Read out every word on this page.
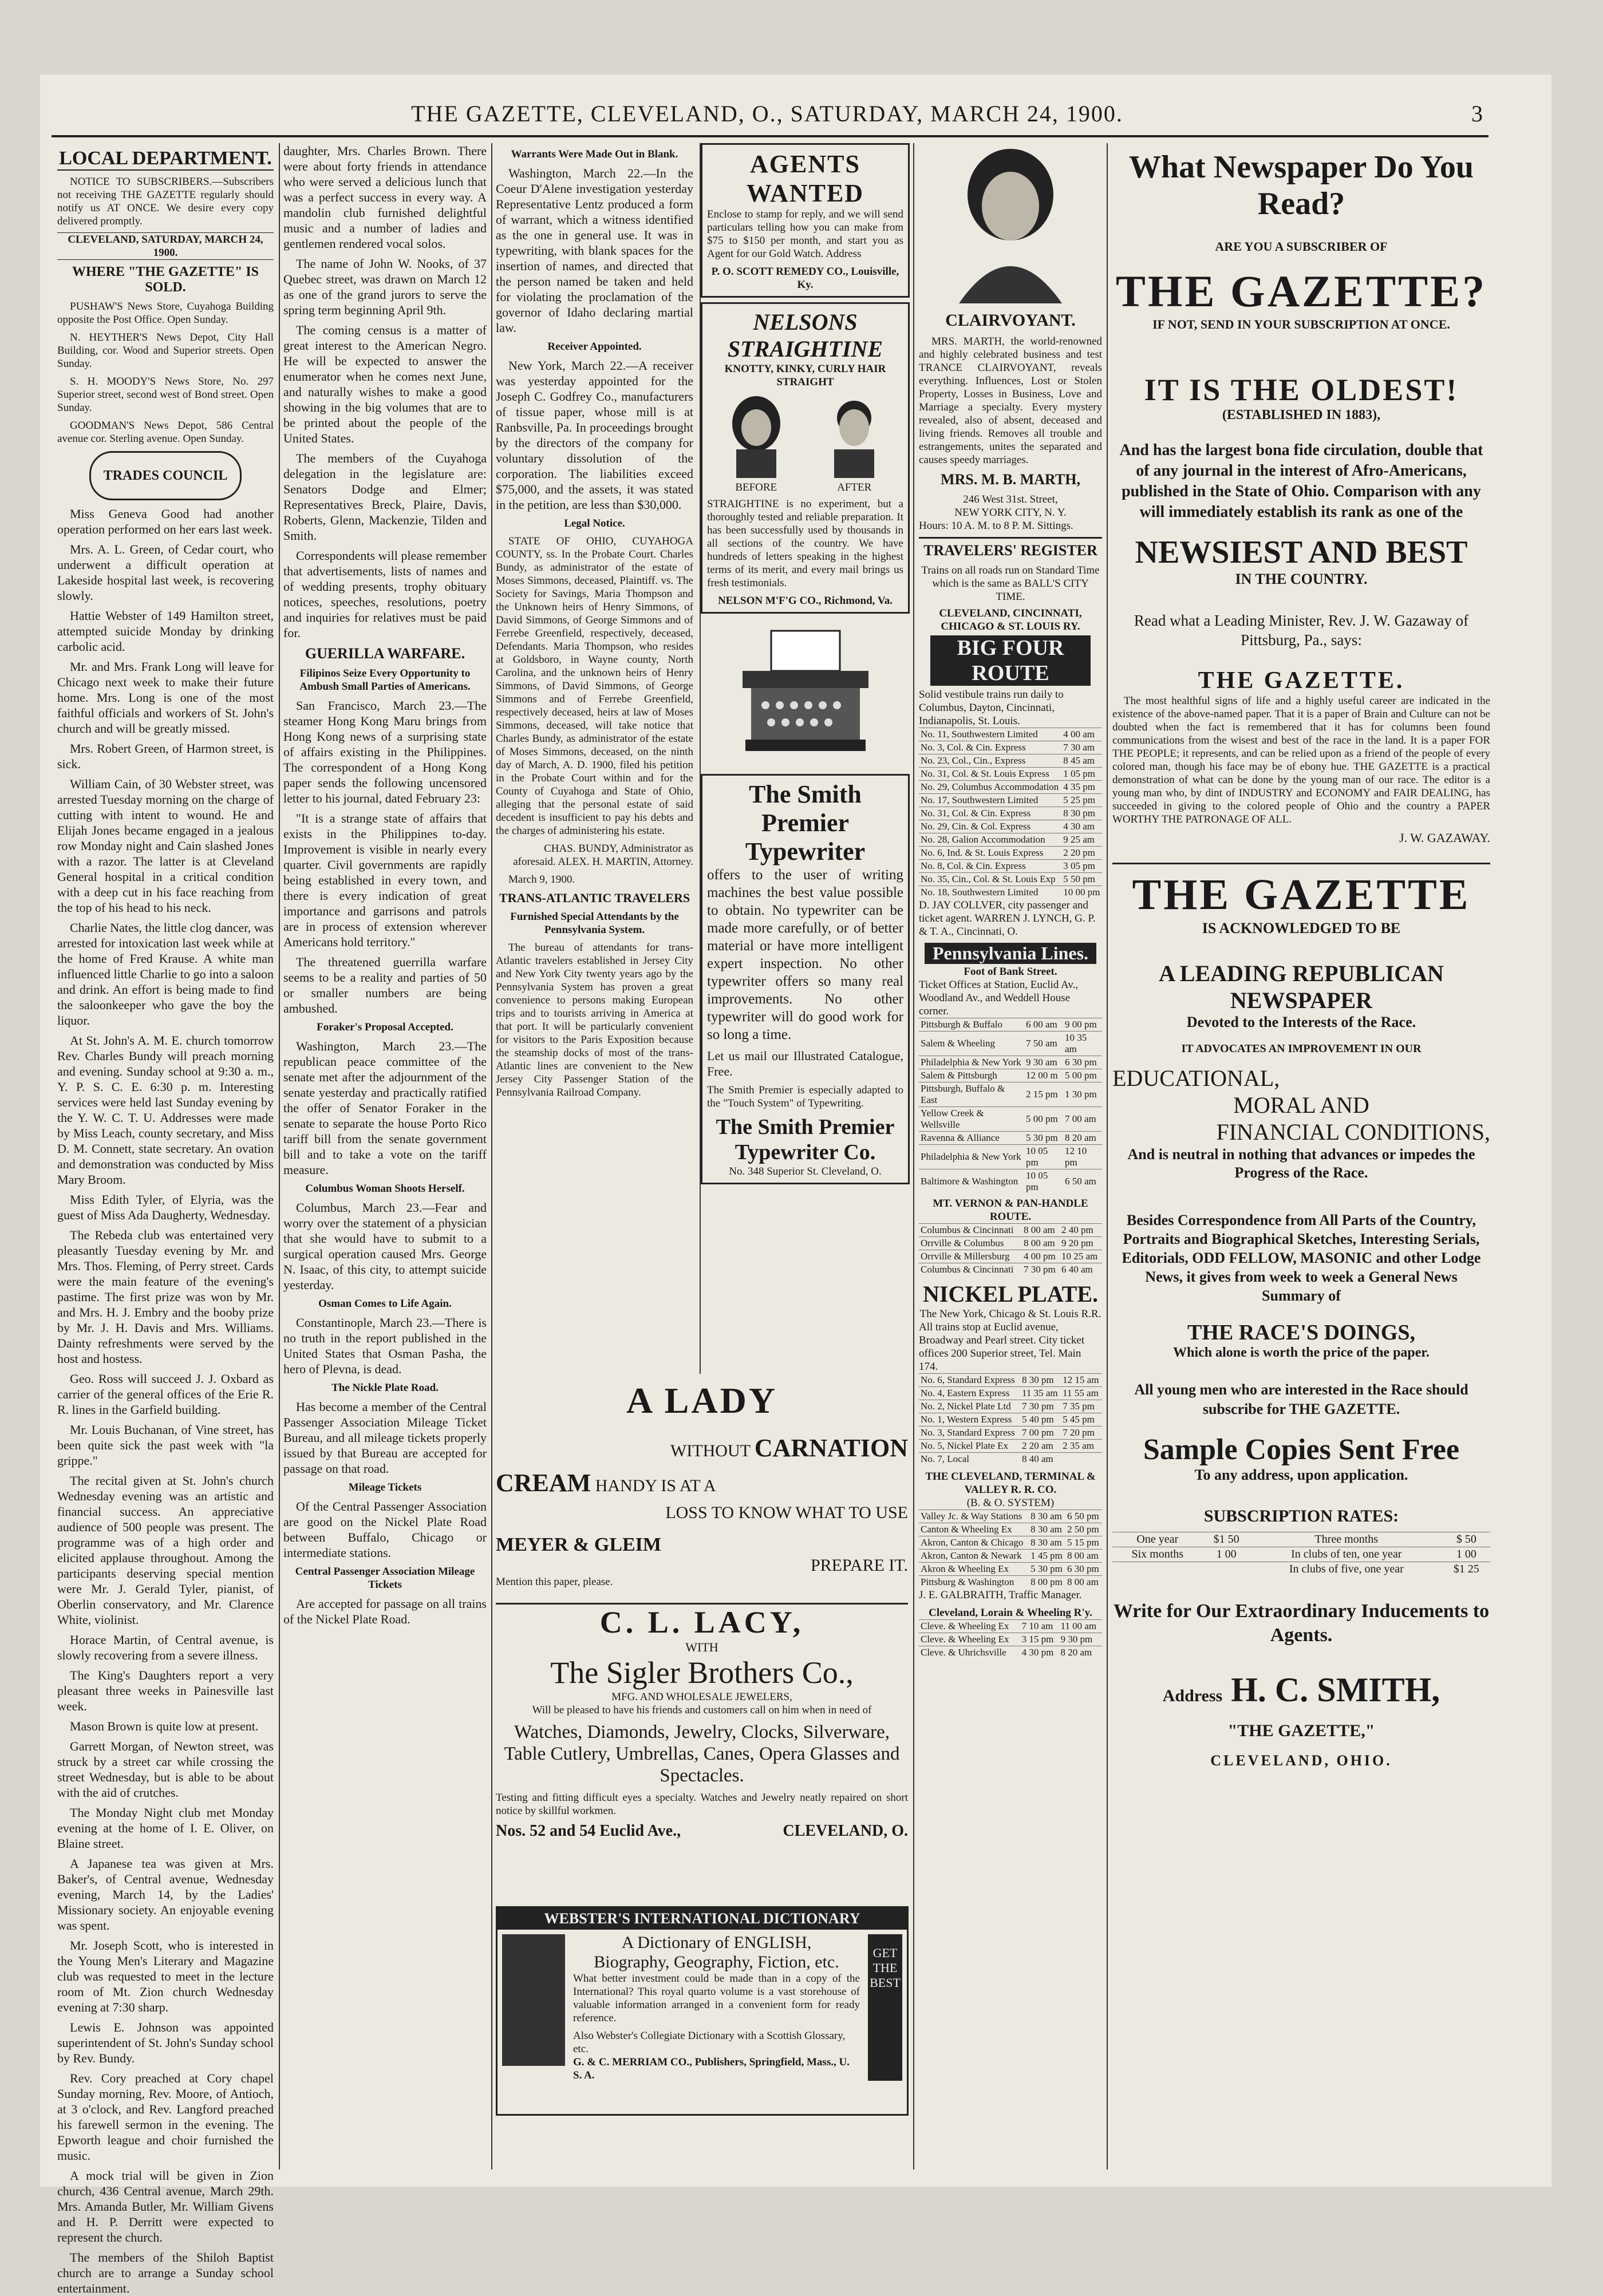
THE GAZETTE, CLEVELAND, O., SATURDAY, MARCH 24, 1900.	3
LOCAL DEPARTMENT.

NOTICE TO SUBSCRIBERS.—Subscribers not receiving THE GAZETTE regularly should notify us AT ONCE. We desire every copy delivered promptly.

CLEVELAND, SATURDAY, MARCH 24, 1900.
WHERE "THE GAZETTE" IS SOLD.

PUSHAW'S News Store, Cuyahoga Building opposite the Post Office. Open Sunday.

N. HEYTHER'S News Depot, City Hall Building, cor. Wood and Superior streets. Open Sunday.

S. H. MOODY'S News Store, No. 297 Superior street, second west of Bond street. Open Sunday.

GOODMAN'S News Depot, 586 Central avenue cor. Sterling avenue. Open Sunday.

TRADES COUNCIL

Miss Geneva Good had another operation performed on her ears last week.

Mrs. A. L. Green, of Cedar court, who underwent a difficult operation at Lakeside hospital last week, is recovering slowly.

Hattie Webster of 149 Hamilton street, attempted suicide Monday by drinking carbolic acid.

Mr. and Mrs. Frank Long will leave for Chicago next week to make their future home. Mrs. Long is one of the most faithful officials and workers of St. John's church and will be greatly missed.

Mrs. Robert Green, of Harmon street, is sick.

William Cain, of 30 Webster street, was arrested Tuesday morning on the charge of cutting with intent to wound. He and Elijah Jones became engaged in a jealous row Monday night and Cain slashed Jones with a razor. The latter is at Cleveland General hospital in a critical condition with a deep cut in his face reaching from the top of his head to his neck.

Charlie Nates, the little clog dancer, was arrested for intoxication last week while at the home of Fred Krause. A white man influenced little Charlie to go into a saloon and drink. An effort is being made to find the saloonkeeper who gave the boy the liquor.

At St. John's A. M. E. church tomorrow Rev. Charles Bundy will preach morning and evening. Sunday school at 9:30 a. m., Y. P. S. C. E. 6:30 p. m. Interesting services were held last Sunday evening by the Y. W. C. T. U. Addresses were made by Miss Leach, county secretary, and Miss D. M. Connett, state secretary. An ovation and demonstration was conducted by Miss Mary Broom.

Miss Edith Tyler, of Elyria, was the guest of Miss Ada Daugherty, Wednesday.

The Rebeda club was entertained very pleasantly Tuesday evening by Mr. and Mrs. Thos. Fleming, of Perry street. Cards were the main feature of the evening's pastime. The first prize was won by Mr. and Mrs. H. J. Embry and the booby prize by Mr. J. H. Davis and Mrs. Williams. Dainty refreshments were served by the host and hostess.

Geo. Ross will succeed J. J. Oxbard as carrier of the general offices of the Erie R. R. lines in the Garfield building.

Mr. Louis Buchanan, of Vine street, has been quite sick the past week with "la grippe."

The recital given at St. John's church Wednesday evening was an artistic and financial success. An appreciative audience of 500 people was present. The programme was of a high order and elicited applause throughout. Among the participants deserving special mention were Mr. J. Gerald Tyler, pianist, of Oberlin conservatory, and Mr. Clarence White, violinist.

Horace Martin, of Central avenue, is slowly recovering from a severe illness.

The King's Daughters report a very pleasant three weeks in Painesville last week.

Mason Brown is quite low at present.

Garrett Morgan, of Newton street, was struck by a street car while crossing the street Wednesday, but is able to be about with the aid of crutches.

The Monday Night club met Monday evening at the home of I. E. Oliver, on Blaine street.

A Japanese tea was given at Mrs. Baker's, of Central avenue, Wednesday evening, March 14, by the Ladies' Missionary society. An enjoyable evening was spent.

Mr. Joseph Scott, who is interested in the Young Men's Literary and Magazine club was requested to meet in the lecture room of Mt. Zion church Wednesday evening at 7:30 sharp.

Lewis E. Johnson was appointed superintendent of St. John's Sunday school by Rev. Bundy.

Rev. Cory preached at Cory chapel Sunday morning, Rev. Moore, of Antioch, at 3 o'clock, and Rev. Langford preached his farewell sermon in the evening. The Epworth league and choir furnished the music.

A mock trial will be given in Zion church, 436 Central avenue, March 29th. Mrs. Amanda Butler, Mr. William Givens and H. P. Derritt were expected to represent the church.

The members of the Shiloh Baptist church are to arrange a Sunday school entertainment.

daughter, Mrs. Charles Brown. There were about forty friends in attendance who were served a delicious lunch that was a perfect success in every way. A mandolin club furnished delightful music and a number of ladies and gentlemen rendered vocal solos.

The name of John W. Nooks, of 37 Quebec street, was drawn on March 12 as one of the grand jurors to serve the spring term beginning April 9th.

The coming census is a matter of great interest to the American Negro. He will be expected to answer the enumerator when he comes next June, and naturally wishes to make a good showing in the big volumes that are to be printed about the people of the United States.

The members of the Cuyahoga delegation in the legislature are: Senators Dodge and Elmer; Representatives Breck, Plaire, Davis, Roberts, Glenn, Mackenzie, Tilden and Smith.

Correspondents will please remember that advertisements, lists of names and of wedding presents, trophy obituary notices, speeches, resolutions, poetry and inquiries for relatives must be paid for.

GUERILLA WARFARE.
Filipinos Seize Every Opportunity to Ambush Small Parties of Americans.

San Francisco, March 23.—The steamer Hong Kong Maru brings from Hong Kong news of a surprising state of affairs existing in the Philippines. The correspondent of a Hong Kong paper sends the following uncensored letter to his journal, dated February 23:

"It is a strange state of affairs that exists in the Philippines to-day. Improvement is visible in nearly every quarter. Civil governments are rapidly being established in every town, and there is every indication of great importance and garrisons and patrols are in process of extension wherever Americans hold territory."

The threatened guerrilla warfare seems to be a reality and parties of 50 or smaller numbers are being ambushed.

Foraker's Proposal Accepted.

Washington, March 23.—The republican peace committee of the senate met after the adjournment of the senate yesterday and practically ratified the offer of Senator Foraker in the senate to separate the house Porto Rico tariff bill from the senate government bill and to take a vote on the tariff measure.

Columbus Woman Shoots Herself.

Columbus, March 23.—Fear and worry over the statement of a physician that she would have to submit to a surgical operation caused Mrs. George N. Isaac, of this city, to attempt suicide yesterday.

Osman Comes to Life Again.

Constantinople, March 23.—There is no truth in the report published in the United States that Osman Pasha, the hero of Plevna, is dead.

The Nickle Plate Road.

Has become a member of the Central Passenger Association Mileage Ticket Bureau, and all mileage tickets properly issued by that Bureau are accepted for passage on that road.

Mileage Tickets

Of the Central Passenger Association are good on the Nickel Plate Road between Buffalo, Chicago or intermediate stations.

Central Passenger Association Mileage Tickets

Are accepted for passage on all trains of the Nickel Plate Road.

Warrants Were Made Out in Blank.

Washington, March 22.—In the Coeur D'Alene investigation yesterday Representative Lentz produced a form of warrant, which a witness identified as the one in general use. It was in typewriting, with blank spaces for the insertion of names, and directed that the person named be taken and held for violating the proclamation of the governor of Idaho declaring martial law.

Receiver Appointed.

New York, March 22.—A receiver was yesterday appointed for the Joseph C. Godfrey Co., manufacturers of tissue paper, whose mill is at Ranbsville, Pa. In proceedings brought by the directors of the company for voluntary dissolution of the corporation. The liabilities exceed $75,000, and the assets, it was stated in the petition, are less than $30,000.

Legal Notice.

STATE OF OHIO, CUYAHOGA COUNTY, ss. In the Probate Court. Charles Bundy, as administrator of the estate of Moses Simmons, deceased, Plaintiff. vs. The Society for Savings, Maria Thompson and the Unknown heirs of Henry Simmons, of David Simmons, of George Simmons and of Ferrebe Greenfield, respectively, deceased, Defendants. Maria Thompson, who resides at Goldsboro, in Wayne county, North Carolina, and the unknown heirs of Henry Simmons, of David Simmons, of George Simmons and of Ferrebe Greenfield, respectively deceased, heirs at law of Moses Simmons, deceased, will take notice that Charles Bundy, as administrator of the estate of Moses Simmons, deceased, on the ninth day of March, A. D. 1900, filed his petition in the Probate Court within and for the County of Cuyahoga and State of Ohio, alleging that the personal estate of said decedent is insufficient to pay his debts and the charges of administering his estate.

CHAS. BUNDY, Administrator as aforesaid. ALEX. H. MARTIN, Attorney.

March 9, 1900.

TRANS-ATLANTIC TRAVELERS
Furnished Special Attendants by the Pennsylvania System.

The bureau of attendants for trans-Atlantic travelers established in Jersey City and New York City twenty years ago by the Pennsylvania System has proven a great convenience to persons making European trips and to tourists arriving in America at that port. It will be particularly convenient for visitors to the Paris Exposition because the steamship docks of most of the trans-Atlantic lines are convenient to the New Jersey City Passenger Station of the Pennsylvania Railroad Company.

AGENTS WANTED

Enclose to stamp for reply, and we will send particulars telling how you can make from $75 to $150 per month, and start you as Agent for our Gold Watch. Address

P. O. SCOTT REMEDY CO., Louisville, Ky.
NELSONS STRAIGHTINE
KNOTTY, KINKY, CURLY HAIR STRAIGHT
BEFORE	AFTER

STRAIGHTINE is no experiment, but a thoroughly tested and reliable preparation. It has been successfully used by thousands in all sections of the country. We have hundreds of letters speaking in the highest terms of its merit, and every mail brings us fresh testimonials.

NELSON M'F'G CO., Richmond, Va.
The Smith Premier Typewriter

offers to the user of writing machines the best value possible to obtain. No typewriter can be made more carefully, or of better material or have more intelligent expert inspection. No other typewriter offers so many real improvements. No other typewriter will do good work for so long a time.

Let us mail our Illustrated Catalogue, Free.

The Smith Premier is especially adapted to the "Touch System" of Typewriting.

The Smith Premier Typewriter Co.
No. 348 Superior St. Cleveland, O.
A LADY
WITHOUT CARNATION
CREAM HANDY IS AT A
LOSS TO KNOW WHAT TO USE
MEYER & GLEIM
PREPARE IT.
Mention this paper, please.
C. L. LACY,
WITH
The Sigler Brothers Co.,
MFG. AND WHOLESALE JEWELERS,
Will be pleased to have his friends and customers call on him when in need of
Watches, Diamonds, Jewelry, Clocks, Silverware, Table Cutlery, Umbrellas, Canes, Opera Glasses and Spectacles.
Testing and fitting difficult eyes a specialty. Watches and Jewelry neatly repaired on short notice by skillful workmen.
Nos. 52 and 54 Euclid Ave.,	CLEVELAND, O.
WEBSTER'S INTERNATIONAL DICTIONARY
A Dictionary of ENGLISH,
Biography, Geography, Fiction, etc.

What better investment could be made than in a copy of the International? This royal quarto volume is a vast storehouse of valuable information arranged in a convenient form for ready reference.

Also Webster's Collegiate Dictionary with a Scottish Glossary, etc.
G. & C. MERRIAM CO., Publishers, Springfield, Mass., U. S. A.
GET THE BEST
CLAIRVOYANT.

MRS. MARTH, the world-renowned and highly celebrated business and test TRANCE CLAIRVOYANT, reveals everything. Influences, Lost or Stolen Property, Losses in Business, Love and Marriage a specialty. Every mystery revealed, also of absent, deceased and living friends. Removes all trouble and estrangements, unites the separated and causes speedy marriages.

MRS. M. B. MARTH,
246 West 31st. Street,
NEW YORK CITY, N. Y.
Hours: 10 A. M. to 8 P. M. Sittings.
TRAVELERS' REGISTER
Trains on all roads run on Standard Time which is the same as BALL'S CITY TIME.
CLEVELAND, CINCINNATI, CHICAGO & ST. LOUIS RY.
BIG FOUR ROUTE
Solid vestibule trains run daily to Columbus, Dayton, Cincinnati, Indianapolis, St. Louis.
No. 11, Southwestern Limited	4 00 am
No. 3, Col. & Cin. Express	7 30 am
No. 23, Col., Cin., Express	8 45 am
No. 31, Col. & St. Louis Express	1 05 pm
No. 29, Columbus Accommodation	4 35 pm
No. 17, Southwestern Limited	5 25 pm
No. 31, Col. & Cin. Express	8 30 pm
No. 29, Cin. & Col. Express	4 30 am
No. 28, Galion Accommodation	9 25 am
No. 6, Ind. & St. Louis Express	2 20 pm
No. 8, Col. & Cin. Express	3 05 pm
No. 35, Cin., Col. & St. Louis Exp	5 50 pm
No. 18, Southwestern Limited	10 00 pm
D. JAY COLLVER, city passenger and ticket agent. WARREN J. LYNCH, G. P. & T. A., Cincinnati, O.
Pennsylvania Lines.
Foot of Bank Street.
Ticket Offices at Station, Euclid Av., Woodland Av., and Weddell House corner.
Pittsburgh & Buffalo	6 00 am	9 00 pm
Salem & Wheeling	7 50 am	10 35 am
Philadelphia & New York	9 30 am	6 30 pm
Salem & Pittsburgh	12 00 m	5 00 pm
Pittsburgh, Buffalo & East	2 15 pm	1 30 pm
Yellow Creek & Wellsville	5 00 pm	7 00 am
Ravenna & Alliance	5 30 pm	8 20 am
Philadelphia & New York	10 05 pm	12 10 pm
Baltimore & Washington	10 05 pm	6 50 am
MT. VERNON & PAN-HANDLE ROUTE.
Columbus & Cincinnati	8 00 am	2 40 pm
Orrville & Columbus	8 00 am	9 20 pm
Orrville & Millersburg	4 00 pm	10 25 am
Columbus & Cincinnati	7 30 pm	6 40 am
NICKEL PLATE.
The New York, Chicago & St. Louis R.R.
All trains stop at Euclid avenue, Broadway and Pearl street. City ticket offices 200 Superior street, Tel. Main 174.
No. 6, Standard Express	8 30 pm	12 15 am
No. 4, Eastern Express	11 35 am	11 55 am
No. 2, Nickel Plate Ltd	7 30 pm	7 35 pm
No. 1, Western Express	5 40 pm	5 45 pm
No. 3, Standard Express	7 00 pm	7 20 pm
No. 5, Nickel Plate Ex	2 20 am	2 35 am
No. 7, Local	8 40 am	
THE CLEVELAND, TERMINAL & VALLEY R. R. CO.
(B. & O. SYSTEM)
Valley Jc. & Way Stations	8 30 am	6 50 pm
Canton & Wheeling Ex	8 30 am	2 50 pm
Akron, Canton & Chicago	8 30 am	5 15 pm
Akron, Canton & Newark	1 45 pm	8 00 am
Akron & Wheeling Ex	5 30 pm	6 30 pm
Pittsburg & Washington	8 00 pm	8 00 am
J. E. GALBRAITH, Traffic Manager.
Cleveland, Lorain & Wheeling R'y.
Cleve. & Wheeling Ex	7 10 am	11 00 am
Cleve. & Wheeling Ex	3 15 pm	9 30 pm
Cleve. & Uhrichsville	4 30 pm	8 20 am
What Newspaper Do You Read?
ARE YOU A SUBSCRIBER OF
THE GAZETTE?
IF NOT, SEND IN YOUR SUBSCRIPTION AT ONCE.
IT IS THE OLDEST!
(ESTABLISHED IN 1883),
And has the largest bona fide circulation, double that of any journal in the interest of Afro-Americans, published in the State of Ohio. Comparison with any will immediately establish its rank as one of the
NEWSIEST AND BEST
IN THE COUNTRY.
Read what a Leading Minister, Rev. J. W. Gazaway of Pittsburg, Pa., says:
THE GAZETTE.

The most healthful signs of life and a highly useful career are indicated in the existence of the above-named paper. That it is a paper of Brain and Culture can not be doubted when the fact is remembered that it has for columns been found communications from the wisest and best of the race in the land. It is a paper FOR THE PEOPLE; it represents, and can be relied upon as a friend of the people of every colored man, though his face may be of ebony hue. THE GAZETTE is a practical demonstration of what can be done by the young man of our race. The editor is a young man who, by dint of INDUSTRY and ECONOMY and FAIR DEALING, has succeeded in giving to the colored people of Ohio and the country a PAPER WORTHY THE PATRONAGE OF ALL.

J. W. GAZAWAY.
THE GAZETTE
IS ACKNOWLEDGED TO BE
A LEADING REPUBLICAN NEWSPAPER
Devoted to the Interests of the Race.
IT ADVOCATES AN IMPROVEMENT IN OUR
EDUCATIONAL,
MORAL AND
FINANCIAL CONDITIONS,
And is neutral in nothing that advances or impedes the Progress of the Race.
Besides Correspondence from All Parts of the Country, Portraits and Biographical Sketches, Interesting Serials, Editorials, ODD FELLOW, MASONIC and other Lodge News, it gives from week to week a General News Summary of
THE RACE'S DOINGS,
Which alone is worth the price of the paper.
All young men who are interested in the Race should subscribe for THE GAZETTE.
Sample Copies Sent Free
To any address, upon application.
SUBSCRIPTION RATES:
One year	$1 50	Three months	$ 50
Six months	1 00	In clubs of ten, one year	1 00
		In clubs of five, one year	$1 25
Write for Our Extraordinary Inducements to Agents.
Address H. C. SMITH,
"THE GAZETTE,"
CLEVELAND, OHIO.
